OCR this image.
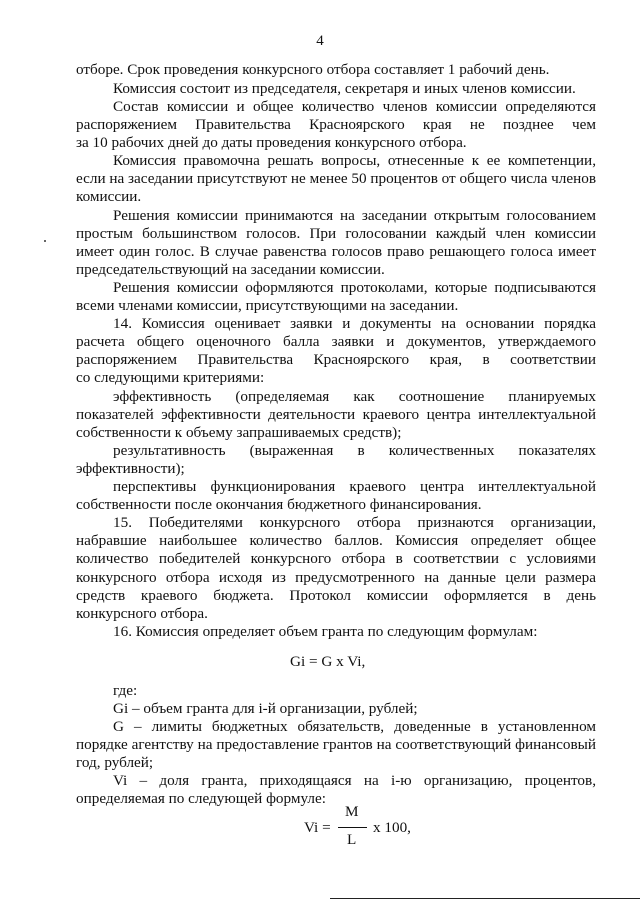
4
отборе. Срок проведения конкурсного отбора составляет 1 рабочий день.
Комиссия состоит из председателя, секретаря и иных членов комиссии.
Состав комиссии и общее количество членов комиссии определяются
распоряжением Правительства Красноярского края не позднее чем
за 10 рабочих дней до даты проведения конкурсного отбора.
Комиссия правомочна решать вопросы, отнесенные к ее компетенции,
если на заседании присутствуют не менее 50 процентов от общего числа членов
комиссии.
Решения комиссии принимаются на заседании открытым голосованием
простым большинством голосов. При голосовании каждый член комиссии
имеет один голос. В случае равенства голосов право решающего голоса имеет
председательствующий на заседании комиссии.
Решения комиссии оформляются протоколами, которые подписываются
всеми членами комиссии, присутствующими на заседании.
14. Комиссия оценивает заявки и документы на основании порядка
расчета общего оценочного балла заявки и документов, утверждаемого
распоряжением Правительства Красноярского края, в соответствии
со следующими критериями:
эффективность (определяемая как соотношение планируемых
показателей эффективности деятельности краевого центра интеллектуальной
собственности к объему запрашиваемых средств);
результативность (выраженная в количественных показателях
эффективности);
перспективы функционирования краевого центра интеллектуальной
собственности после окончания бюджетного финансирования.
15. Победителями конкурсного отбора признаются организации,
набравшие наибольшее количество баллов. Комиссия определяет общее
количество победителей конкурсного отбора в соответствии с условиями
конкурсного отбора исходя из предусмотренного на данные цели размера
средств краевого бюджета. Протокол комиссии оформляется в день
конкурсного отбора.
16. Комиссия определяет объем гранта по следующим формулам:
Gi = G x Vi,
где:
Gi – объем гранта для i-й организации, рублей;
G – лимиты бюджетных обязательств, доведенные в установленном
порядке агентству на предоставление грантов на соответствующий финансовый
год, рублей;
Vi – доля гранта, приходящаяся на i-ю организацию, процентов,
определяемая по следующей формуле:
Vi =
M
L
x 100,
